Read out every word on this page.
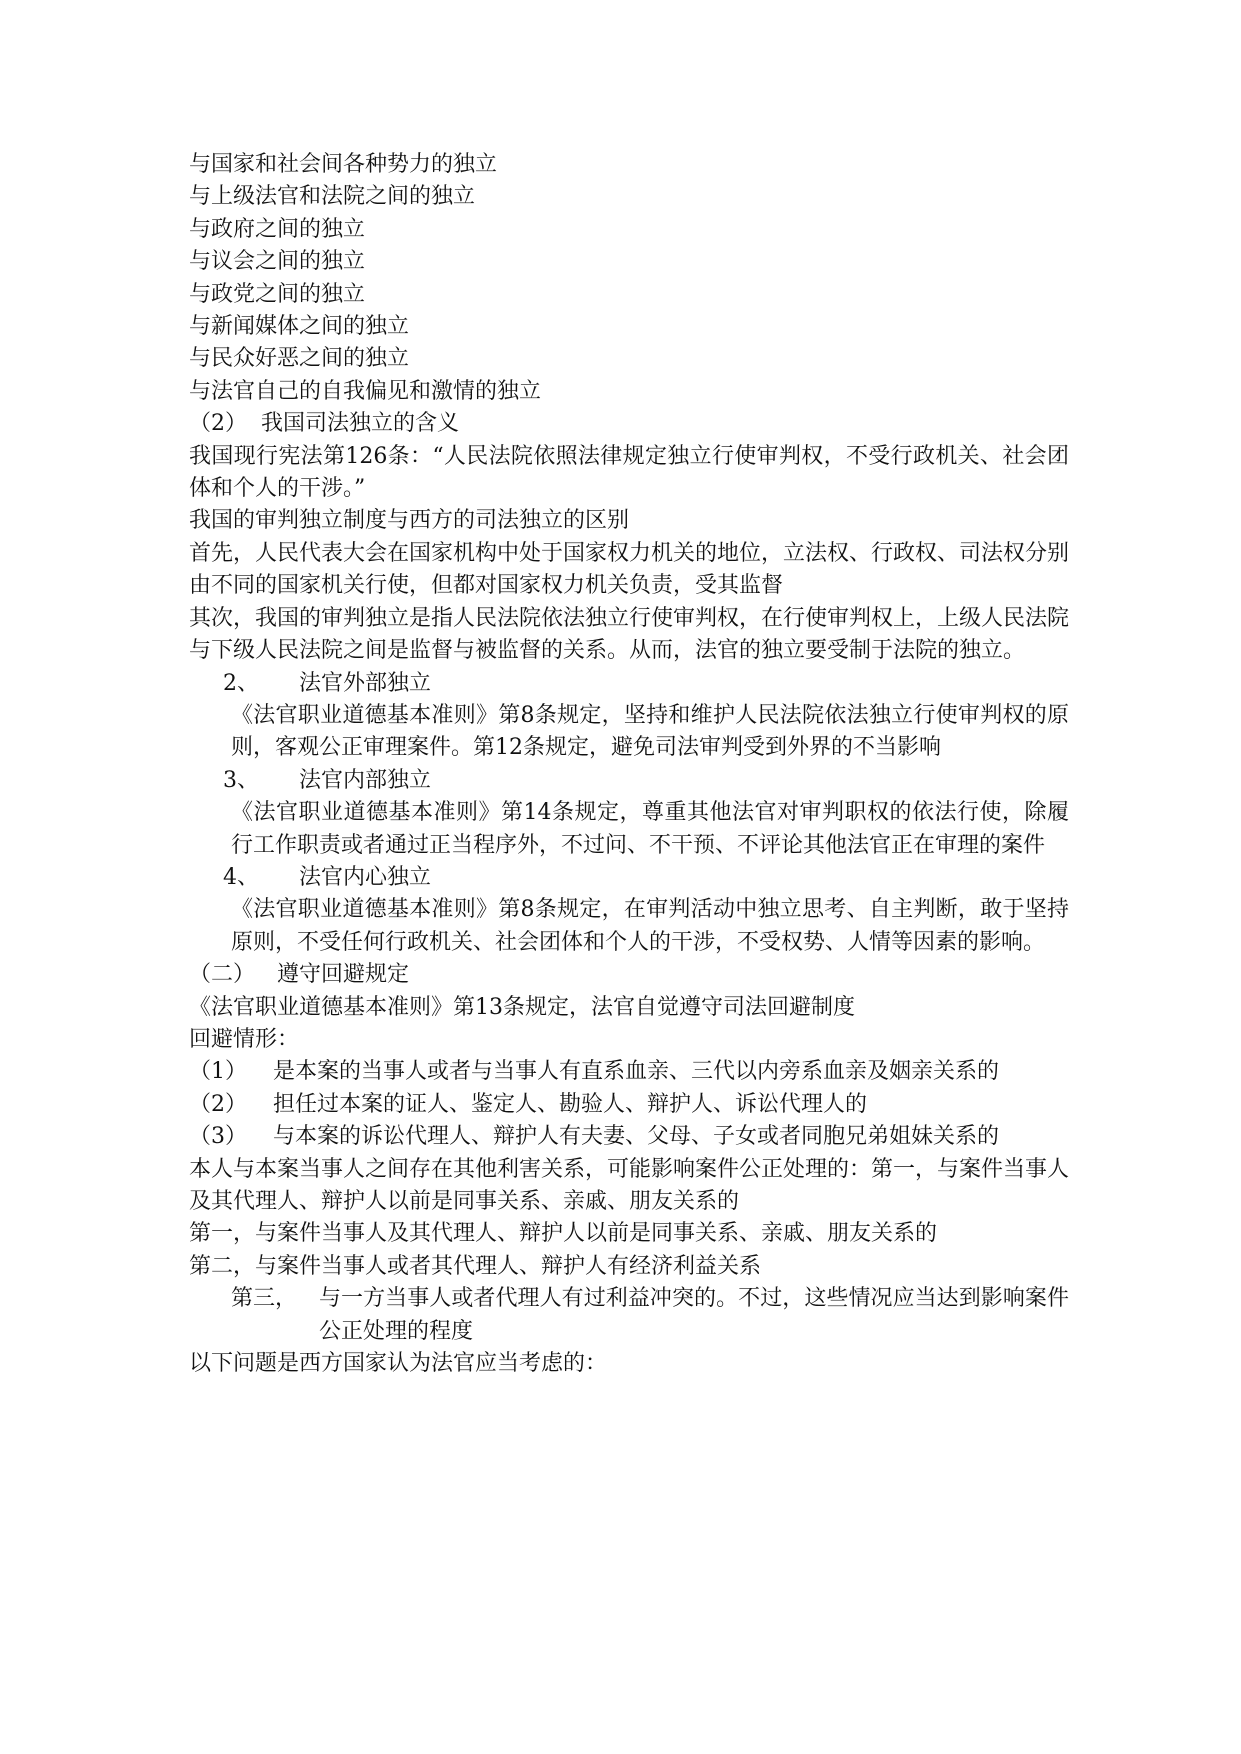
与国家和社会间各种势力的独立
与上级法官和法院之间的独立
与政府之间的独立
与议会之间的独立
与政党之间的独立
与新闻媒体之间的独立
与民众好恶之间的独立
与法官自己的自我偏见和激情的独立
（2） 我国司法独立的含义
我国现行宪法第126条：“人民法院依照法律规定独立行使审判权，不受行政机关、社会团体和个人的干涉。”
我国的审判独立制度与西方的司法独立的区别
首先，人民代表大会在国家机构中处于国家权力机关的地位，立法权、行政权、司法权分别由不同的国家机关行使，但都对国家权力机关负责，受其监督
其次，我国的审判独立是指人民法院依法独立行使审判权，在行使审判权上，上级人民法院与下级人民法院之间是监督与被监督的关系。从而，法官的独立要受制于法院的独立。
2、 法官外部独立
《法官职业道德基本准则》第8条规定，坚持和维护人民法院依法独立行使审判权的原则，客观公正审理案件。第12条规定，避免司法审判受到外界的不当影响
3、 法官内部独立
《法官职业道德基本准则》第14条规定，尊重其他法官对审判职权的依法行使，除履行工作职责或者通过正当程序外，不过问、不干预、不评论其他法官正在审理的案件
4、 法官内心独立
《法官职业道德基本准则》第8条规定，在审判活动中独立思考、自主判断，敢于坚持原则，不受任何行政机关、社会团体和个人的干涉，不受权势、人情等因素的影响。
（二） 遵守回避规定
《法官职业道德基本准则》第13条规定，法官自觉遵守司法回避制度
回避情形：
（1）	是本案的当事人或者与当事人有直系血亲、三代以内旁系血亲及姻亲关系的
（2）	担任过本案的证人、鉴定人、勘验人、辩护人、诉讼代理人的
（3）	与本案的诉讼代理人、辩护人有夫妻、父母、子女或者同胞兄弟姐妹关系的
本人与本案当事人之间存在其他利害关系，可能影响案件公正处理的：第一，与案件当事人及其代理人、辩护人以前是同事关系、亲戚、朋友关系的
第一，与案件当事人及其代理人、辩护人以前是同事关系、亲戚、朋友关系的
第二，与案件当事人或者其代理人、辩护人有经济利益关系
第三， 与一方当事人或者代理人有过利益冲突的。不过，这些情况应当达到影响案件公正处理的程度
以下问题是西方国家认为法官应当考虑的：
